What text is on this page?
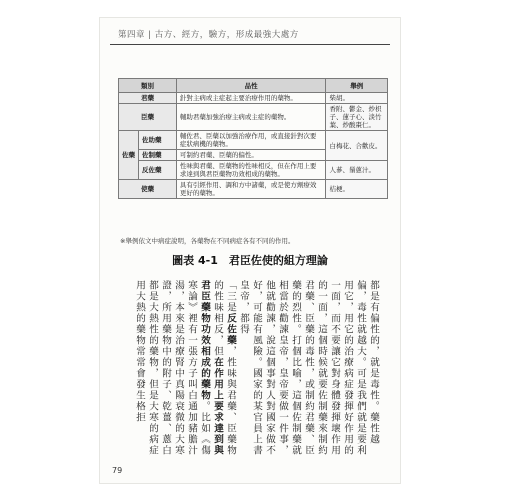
第四章 | 古方、經方，驗方，形成最強大處方
類別		品性	舉例
君藥		針對主病或主症起主要治療作用的藥物。	柴胡。
臣藥		輔助君藥加強治療主病或主症的藥物。	香附、鬱金、炒枳子、蓮子心、淡竹葉、炒酸棗仁。
佐藥	佐助藥	輔佐君、臣藥以加強治療作用，或直接針對次要症狀病機的藥物。	白梅花、合歡皮。
	佐制藥	可制約君藥、臣藥的偏性。	
	反佐藥	性味與君藥、臣藥物的性味相反，但在作用上要求達到與君臣藥物功效相成的藥物。	人蔘、鬚蔥汁。
使藥		具有引經作用、調和方中諸藥，或是使方劑療效更好的藥物。	桔梗。
※舉例依文中病症說明，各藥物在不同病症各有不同的作用。
圖表 4-1　君臣佐使的組方理論

都是有偏性的，就是毒性。藥性越偏，毒性就越大。可是我們就是要利用它，用它的治療病症發揮好作用的一面，而不要讓它對身體發揮壞作用的一面，這個時候就要佐制藥來制約君藥、臣藥的毒性，或制約君藥、臣藥的烈性。打個比喻，這個佐制藥就相當於勸諫皇帝，皇帝要做一件事，他就勸諫，說這個事對人對國家做不好，可能有風險。國家的某官員上書皇帝，都得

「三是反佐藥，性味與君藥、臣藥物的性味相反，但在作用上要求達到與君臣藥物功效相成的藥物。比如《傷寒論》裡有一張方子叫白通加豬膽汁湯，本來是治療腎中真陽衰微的大寒證，所用藥物中的附子、乾薑、蔥白都是大熱性的藥物，但是大寒的病症用大熱的藥物常常會發生格拒

79
